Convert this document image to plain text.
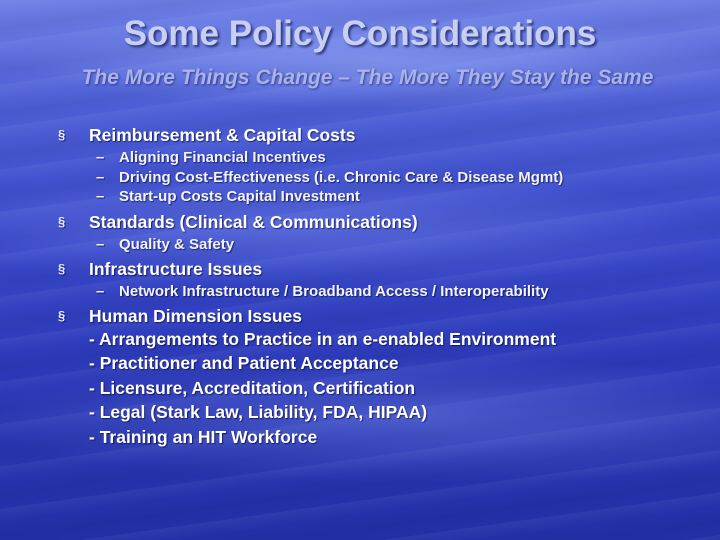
Some Policy Considerations
The More Things Change – The More They Stay the Same
§ Reimbursement & Capital Costs
– Aligning Financial Incentives
– Driving Cost-Effectiveness (i.e. Chronic Care & Disease Mgmt)
– Start-up Costs Capital Investment
§ Standards (Clinical & Communications)
– Quality & Safety
§ Infrastructure Issues
– Network Infrastructure / Broadband Access / Interoperability
§ Human Dimension Issues
- Arrangements to Practice in an e-enabled Environment
- Practitioner and Patient Acceptance
- Licensure, Accreditation, Certification
- Legal (Stark Law, Liability, FDA, HIPAA)
- Training an HIT Workforce
